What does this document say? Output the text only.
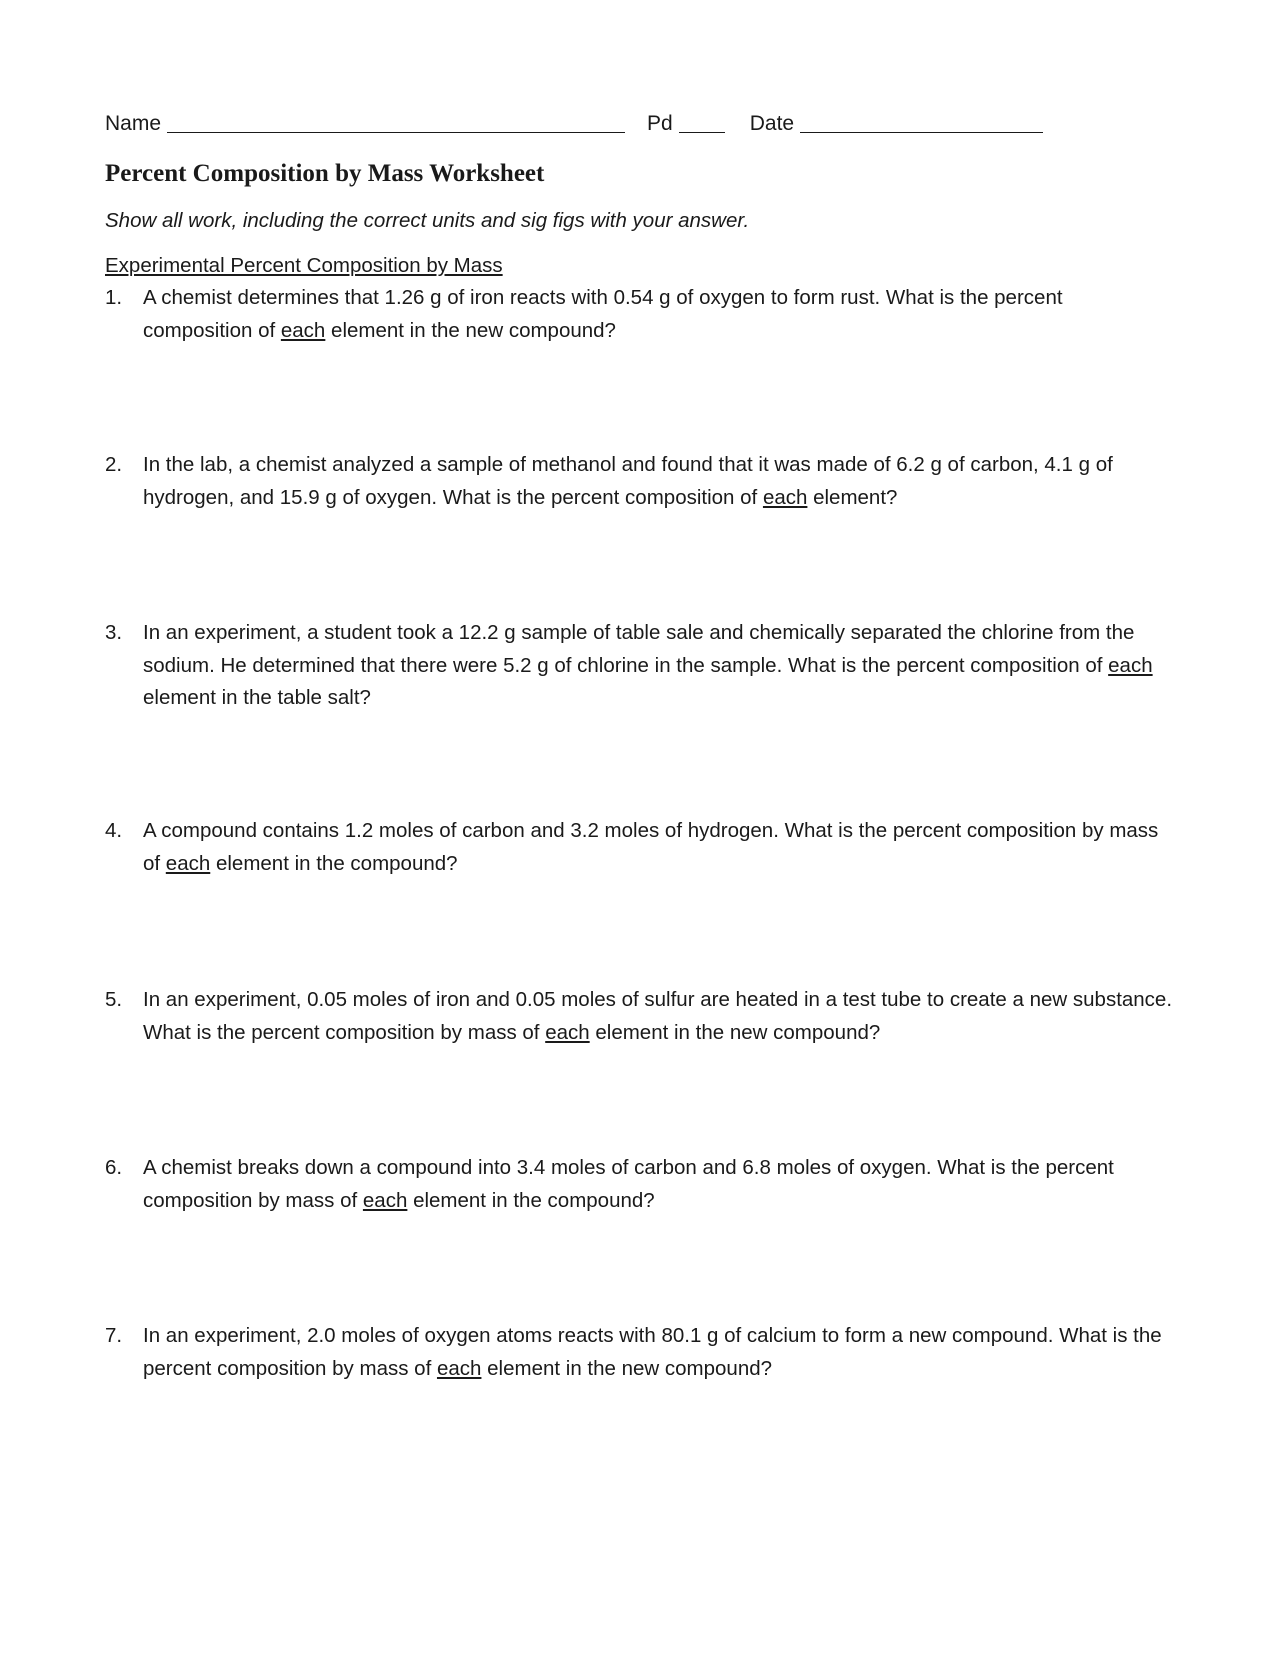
Name	Pd	Date
Percent Composition by Mass Worksheet

Show all work, including the correct units and sig figs with your answer.

Experimental Percent Composition by Mass

1.	A chemist determines that 1.26 g of iron reacts with 0.54 g of oxygen to form rust. What is the percent composition of each element in the new compound?
2.	In the lab, a chemist analyzed a sample of methanol and found that it was made of 6.2 g of carbon, 4.1 g of hydrogen, and 15.9 g of oxygen. What is the percent composition of each element?
3.	In an experiment, a student took a 12.2 g sample of table sale and chemically separated the chlorine from the sodium. He determined that there were 5.2 g of chlorine in the sample. What is the percent composition of each element in the table salt?
4.	A compound contains 1.2 moles of carbon and 3.2 moles of hydrogen. What is the percent composition by mass of each element in the compound?
5.	In an experiment, 0.05 moles of iron and 0.05 moles of sulfur are heated in a test tube to create a new substance. What is the percent composition by mass of each element in the new compound?
6.	A chemist breaks down a compound into 3.4 moles of carbon and 6.8 moles of oxygen. What is the percent composition by mass of each element in the compound?
7.	In an experiment, 2.0 moles of oxygen atoms reacts with 80.1 g of calcium to form a new compound. What is the percent composition by mass of each element in the new compound?
